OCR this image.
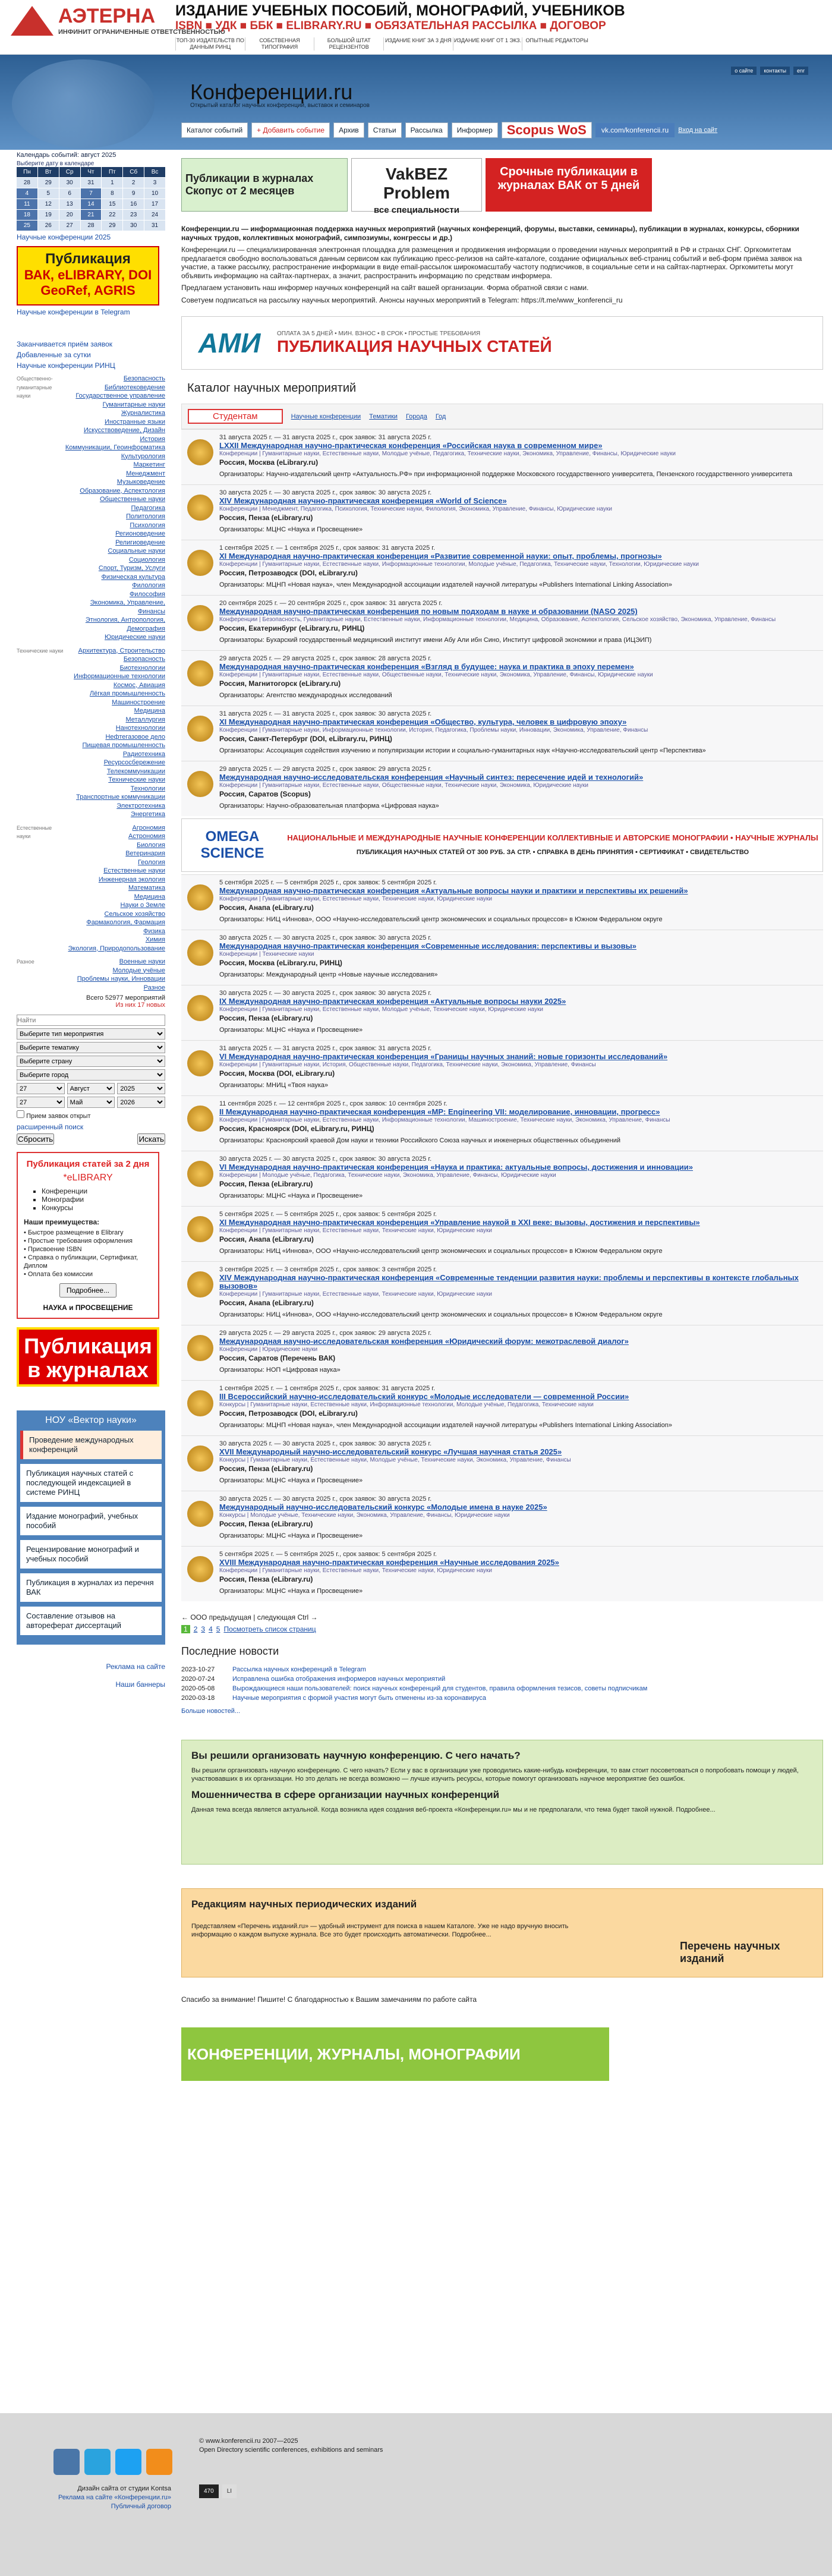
АЭТЕРНА
ИНФИНИТ ОГРАНИЧЕННЫЕ ОТВЕТСТВЕННОСТЬЮ
ИЗДАНИЕ УЧЕБНЫХ ПОСОБИЙ, МОНОГРАФИЙ, УЧЕБНИКОВ
ISBN ■ УДК ■ ББК ■ ELIBRARY.RU ■ ОБЯЗАТЕЛЬНАЯ РАССЫЛКА ■ ДОГОВОР
ТОП-30 ИЗДАТЕЛЬСТВ ПО ДАННЫМ РИНЦ
СОБСТВЕННАЯ ТИПОГРАФИЯ
БОЛЬШОЙ ШТАТ РЕЦЕНЗЕНТОВ
ИЗДАНИЕ КНИГ ЗА 3 ДНЯ ИЗДАНИЕ КНИГ ОТ 1 ЭКЗ. ОПЫТНЫЕ РЕДАКТОРЫ
Конференции.ru
Открытый каталог научных конференций, выставок и семинаров
о сайте	контакты	enr
Каталог событий	+ Добавить событие	Архив	Статьи	Рассылка	Информер	Scopus WoS	vk.com/konferencii.ru	Вход на сайт
Календарь событий: август 2025
Выберите дату в календаре
Пн	Вт	Ср	Чт	Пт	Сб	Вс
28	29	30	31	1	2	3
4	5	6	7	8	9	10
11	12	13	14	15	16	17
18	19	20	21	22	23	24
25	26	27	28	29	30	31
Научные конференции 2025
Публикация
ВАК, eLIBRARY, DOI GeoRef, AGRIS
Научные конференции в Telegram
Заканчивается приём заявок
Добавленные за сутки
Научные конференции РИНЦ
Общественно-гуманитарные науки
Безопасность
Библиотековедение
Государственное управление
Гуманитарные науки
Журналистика
Иностранные языки
Искусствоведение, Дизайн
История
Коммуникации, Геоинформатика
Культурология
Маркетинг
Менеджмент
Музыковедение
Образование, Аспектология
Общественные науки
Педагогика
Политология
Психология
Регионоведение
Религиоведение
Социальные науки
Социология
Спорт, Туризм, Услуги
Физическая культура
Филология
Философия
Экономика, Управление, Финансы
Этнология, Антропология, Демография
Юридические науки
Технические науки	Архитектура, Строительство
Безопасность
Биотехнологии
Информационные технологии
Космос, Авиация
Лёгкая промышленность
Машиностроение
Медицина
Металлургия
Нанотехнологии
Нефтегазовое дело
Пищевая промышленность
Радиотехника
Ресурсосбережение
Телекоммуникации
Технические науки
Технологии
Транспортные коммуникации
Электротехника
Энергетика
Естественные науки
Агрономия
Астрономия
Биология
Ветеринария
Геология
Естественные науки
Инженерная экология
Математика
Медицина
Науки о Земле
Сельское хозяйство
Фармакология, Фармация
Физика
Химия
Экология, Природопользование
Разное	Военные науки
Молодые учёные
Проблемы науки, Инновации
Разное
Всего 52977 мероприятий
Из них 17 новых
Найти
Выберите тип мероприятия
Выберите тематику
Выберите страну
Выберите город
27
Август
2025
27
Май
2026
Прием заявок открыт
расширенный поиск
Сбросить	Искать
Публикация статей за 2 дня
*eLIBRARY
▪ Конференции
▪ Монографии
▪ Конкурсы
Наши преимущества:
• Быстрое размещение в Elibrary
• Простые требования оформления
• Присвоение ISBN
• Справка о публикации, Сертификат, Диплом
• Оплата без комиссии
Подробнее...
НАУКА и ПРОСВЕЩЕНИЕ
Публикация в журналах
НОУ «Вектор науки»
Проведение международных конференций
Публикация научных статей с последующей индексацией в системе РИНЦ
Издание монографий, учебных пособий
Рецензирование монографий и учебных пособий
Публикация в журналах из перечня ВАК
Составление отзывов на автореферат диссертаций
Реклама на сайте
Наши баннеры
Публикации в журналах Скопус от 2 месяцев
VakBEZ Problem
все специальности
Срочные публикации в журналах ВАК от 5 дней

Конференции.ru — информационная поддержка научных мероприятий (научных конференций, форумы, выставки, семинары), публикации в журналах, конкурсы, сборники научных трудов, коллективных монографий, симпозиумы, конгрессы и др.)

Конференции.ru — специализированная электронная площадка для размещения и продвижения информации о проведении научных мероприятий в РФ и странах СНГ. Оргкомитетам предлагается свободно воспользоваться данным сервисом как публикацию пресс-релизов на сайте-каталоге, создание официальных веб-страниц событий и веб-форм приёма заявок на участие, а также рассылку, распространение информации в виде email-рассылок широкомасштабу частоту подписчиков, в социальные сети и на сайтах-партнерах. Оргкомитеты могут объявить информацию на сайтах-партнерах, а значит, распространить информацию по средствам информера.

Предлагаем установить наш информер научных конференций на сайт вашей организации. Форма обратной связи с нами.

Советуем подписаться на рассылку научных мероприятий. Анонсы научных мероприятий в Telegram: https://t.me/www_konferencii_ru

АМИ	ОПЛАТА ЗА 5 ДНЕЙ • МИН. ВЗНОС • В СРОК • ПРОСТЫЕ ТРЕБОВАНИЯ
ПУБЛИКАЦИЯ НАУЧНЫХ СТАТЕЙ
Каталог научных мероприятий
Студентам	Научные конференции Тематики Города Год
31 августа 2025 г. — 31 августа 2025 г., срок заявок: 31 августа 2025 г.
LXXII Международная научно-практическая конференция «Российская наука в современном мире»
Конференции | Гуманитарные науки, Естественные науки, Молодые учёные, Педагогика, Технические науки, Экономика, Управление, Финансы, Юридические науки
Россия, Москва (eLibrary.ru)
Организаторы: Научно-издательский центр «Актуальность.РФ» при информационной поддержке Московского государственного университета, Пензенского государственного университета
30 августа 2025 г. — 30 августа 2025 г., срок заявок: 30 августа 2025 г.
XIV Международная научно-практическая конференция «World of Science»
Конференции | Менеджмент, Педагогика, Психология, Технические науки, Филология, Экономика, Управление, Финансы, Юридические науки
Россия, Пенза (eLibrary.ru)
Организаторы: МЦНС «Наука и Просвещение»
1 сентября 2025 г. — 1 сентября 2025 г., срок заявок: 31 августа 2025 г.
XI Международная научно-практическая конференция «Развитие современной науки: опыт, проблемы, прогнозы»
Конференции | Гуманитарные науки, Естественные науки, Информационные технологии, Молодые учёные, Педагогика, Технические науки, Технологии, Юридические науки
Россия, Петрозаводск (DOI, eLibrary.ru)
Организаторы: МЦНП «Новая наука», член Международной ассоциации издателей научной литературы «Publishers International Linking Association»
20 сентября 2025 г. — 20 сентября 2025 г., срок заявок: 31 августа 2025 г.
Международная научно-практическая конференция по новым подходам в науке и образовании (NASO 2025)
Конференции | Безопасность, Гуманитарные науки, Естественные науки, Информационные технологии, Медицина, Образование, Аспектология, Сельское хозяйство, Экономика, Управление, Финансы
Россия, Екатеринбург (eLibrary.ru, РИНЦ)
Организаторы: Бухарский государственный медицинский институт имени Абу Али ибн Сино, Институт цифровой экономики и права (ИЦЭИП)
29 августа 2025 г. — 29 августа 2025 г., срок заявок: 28 августа 2025 г.
Международная научно-практическая конференция «Взгляд в будущее: наука и практика в эпоху перемен»
Конференции | Гуманитарные науки, Естественные науки, Общественные науки, Технические науки, Экономика, Управление, Финансы, Юридические науки
Россия, Магнитогорск (eLibrary.ru)
Организаторы: Агентство международных исследований
31 августа 2025 г. — 31 августа 2025 г., срок заявок: 30 августа 2025 г.
XI Международная научно-практическая конференция «Общество, культура, человек в цифровую эпоху»
Конференции | Гуманитарные науки, Информационные технологии, История, Педагогика, Проблемы науки, Инновации, Экономика, Управление, Финансы
Россия, Санкт-Петербург (DOI, eLibrary.ru, РИНЦ)
Организаторы: Ассоциация содействия изучению и популяризации истории и социально-гуманитарных наук «Научно-исследовательский центр «Перспектива»
29 августа 2025 г. — 29 августа 2025 г., срок заявок: 29 августа 2025 г.
Международная научно-исследовательская конференция «Научный синтез: пересечение идей и технологий»
Конференции | Гуманитарные науки, Естественные науки, Общественные науки, Технические науки, Экономика, Юридические науки
Россия, Саратов (Scopus)
Организаторы: Научно-образовательная платформа «Цифровая наука»
OMEGA SCIENCE
НАЦИОНАЛЬНЫЕ И МЕЖДУНАРОДНЫЕ НАУЧНЫЕ КОНФЕРЕНЦИИ КОЛЛЕКТИВНЫЕ И АВТОРСКИЕ МОНОГРАФИИ • НАУЧНЫЕ ЖУРНАЛЫ
ПУБЛИКАЦИЯ НАУЧНЫХ СТАТЕЙ ОТ 300 РУБ. ЗА СТР. • СПРАВКА В ДЕНЬ ПРИНЯТИЯ • СЕРТИФИКАТ • СВИДЕТЕЛЬСТВО
5 сентября 2025 г. — 5 сентября 2025 г., срок заявок: 5 сентября 2025 г.
Международная научно-практическая конференция «Актуальные вопросы науки и практики и перспективы их решений»
Конференции | Гуманитарные науки, Естественные науки, Технические науки, Юридические науки
Россия, Анапа (eLibrary.ru)
Организаторы: НИЦ «Иннова», ООО «Научно-исследовательский центр экономических и социальных процессов» в Южном Федеральном округе
30 августа 2025 г. — 30 августа 2025 г., срок заявок: 30 августа 2025 г.
Международная научно-практическая конференция «Современные исследования: перспективы и вызовы»
Конференции | Технические науки
Россия, Москва (eLibrary.ru, РИНЦ)
Организаторы: Международный центр «Новые научные исследования»
30 августа 2025 г. — 30 августа 2025 г., срок заявок: 30 августа 2025 г.
IX Международная научно-практическая конференция «Актуальные вопросы науки 2025»
Конференции | Гуманитарные науки, Естественные науки, Молодые учёные, Технические науки, Юридические науки
Россия, Пенза (eLibrary.ru)
Организаторы: МЦНС «Наука и Просвещение»
31 августа 2025 г. — 31 августа 2025 г., срок заявок: 31 августа 2025 г.
VI Международная научно-практическая конференция «Границы научных знаний: новые горизонты исследований»
Конференции | Гуманитарные науки, История, Общественные науки, Педагогика, Технические науки, Экономика, Управление, Финансы
Россия, Москва (DOI, eLibrary.ru)
Организаторы: МНИЦ «Твоя наука»
11 сентября 2025 г. — 12 сентября 2025 г., срок заявок: 10 сентября 2025 г.
II Международная научно-практическая конференция «MP: Engineering VII: моделирование, инновации, прогресс»
Конференции | Гуманитарные науки, Естественные науки, Информационные технологии, Машиностроение, Технические науки, Экономика, Управление, Финансы
Россия, Красноярск (DOI, eLibrary.ru, РИНЦ)
Организаторы: Красноярский краевой Дом науки и техники Российского Союза научных и инженерных общественных объединений
30 августа 2025 г. — 30 августа 2025 г., срок заявок: 30 августа 2025 г.
VI Международная научно-практическая конференция «Наука и практика: актуальные вопросы, достижения и инновации»
Конференции | Молодые учёные, Педагогика, Технические науки, Экономика, Управление, Финансы, Юридические науки
Россия, Пенза (eLibrary.ru)
Организаторы: МЦНС «Наука и Просвещение»
5 сентября 2025 г. — 5 сентября 2025 г., срок заявок: 5 сентября 2025 г.
XI Международная научно-практическая конференция «Управление наукой в XXI веке: вызовы, достижения и перспективы»
Конференции | Гуманитарные науки, Естественные науки, Технические науки, Юридические науки
Россия, Анапа (eLibrary.ru)
Организаторы: НИЦ «Иннова», ООО «Научно-исследовательский центр экономических и социальных процессов» в Южном Федеральном округе
3 сентября 2025 г. — 3 сентября 2025 г., срок заявок: 3 сентября 2025 г.
XIV Международная научно-практическая конференция «Современные тенденции развития науки: проблемы и перспективы в контексте глобальных вызовов»
Конференции | Гуманитарные науки, Естественные науки, Технические науки, Юридические науки
Россия, Анапа (eLibrary.ru)
Организаторы: НИЦ «Иннова», ООО «Научно-исследовательский центр экономических и социальных процессов» в Южном Федеральном округе
29 августа 2025 г. — 29 августа 2025 г., срок заявок: 29 августа 2025 г.
Международная научно-исследовательская конференция «Юридический форум: межотраслевой диалог»
Конференции | Юридические науки
Россия, Саратов (Перечень ВАК)
Организаторы: НОП «Цифровая наука»
1 сентября 2025 г. — 1 сентября 2025 г., срок заявок: 31 августа 2025 г.
III Всероссийский научно-исследовательский конкурс «Молодые исследователи — современной России»
Конкурсы | Гуманитарные науки, Естественные науки, Информационные технологии, Молодые учёные, Педагогика, Технические науки
Россия, Петрозаводск (DOI, eLibrary.ru)
Организаторы: МЦНП «Новая наука», член Международной ассоциации издателей научной литературы «Publishers International Linking Association»
30 августа 2025 г. — 30 августа 2025 г., срок заявок: 30 августа 2025 г.
XVII Международный научно-исследовательский конкурс «Лучшая научная статья 2025»
Конкурсы | Гуманитарные науки, Естественные науки, Молодые учёные, Технические науки, Экономика, Управление, Финансы
Россия, Пенза (eLibrary.ru)
Организаторы: МЦНС «Наука и Просвещение»
30 августа 2025 г. — 30 августа 2025 г., срок заявок: 30 августа 2025 г.
Международный научно-исследовательский конкурс «Молодые имена в науке 2025»
Конкурсы | Молодые учёные, Технические науки, Экономика, Управление, Финансы, Юридические науки
Россия, Пенза (eLibrary.ru)
Организаторы: МЦНС «Наука и Просвещение»
5 сентября 2025 г. — 5 сентября 2025 г., срок заявок: 5 сентября 2025 г.
XVIII Международная научно-практическая конференция «Научные исследования 2025»
Конференции | Гуманитарные науки, Естественные науки, Технические науки, Юридические науки
Россия, Пенза (eLibrary.ru)
Организаторы: МЦНС «Наука и Просвещение»
← ООО предыдущая | следующая Ctrl →
1 2 3 4 5 Посмотреть список страниц
Последние новости
2023-10-27	Рассылка научных конференций в Telegram
2020-07-24	Исправлена ошибка отображения информеров научных мероприятий
2020-05-08	Вырождающиеся наши пользователей: поиск научных конференций для студентов, правила оформления тезисов, советы подписчикам
2020-03-18	Научные мероприятия с формой участия могут быть отменены из-за коронавируса
Больше новостей...
Вы решили организовать научную конференцию. С чего начать?

Вы решили организовать научную конференцию. С чего начать? Если у вас в организации уже проводились какие-нибудь конференции, то вам стоит посоветоваться о попробовать помощи у людей, участвовавших в их организации. Но это делать не всегда возможно — лучше изучить ресурсы, которые помогут организовать научное мероприятие без ошибок.

Мошенничества в сфере организации научных конференций

Данная тема всегда является актуальной. Когда возникла идея создания веб-проекта «Конференции.ru» мы и не предполагали, что тема будет такой нужной. Подробнее...

Редакциям научных периодических изданий

Представляем «Перечень изданий.ru» — удобный инструмент для поиска в нашем Каталоге. Уже не надо вручную вносить информацию о каждом выпуске журнала. Все это будет происходить автоматически. Подробнее...

Перечень научных изданий
Спасибо за внимание! Пишите! С благодарностью к Вашим замечаниям по работе сайта
КОНФЕРЕНЦИИ, ЖУРНАЛЫ, МОНОГРАФИИ
Дизайн сайта от студии Kontsa
Реклама на сайте «Конференции.ru»
Публичный договор
© www.konferencii.ru 2007—2025
Open Directory scientific conferences, exhibitions and seminars
470	LI
